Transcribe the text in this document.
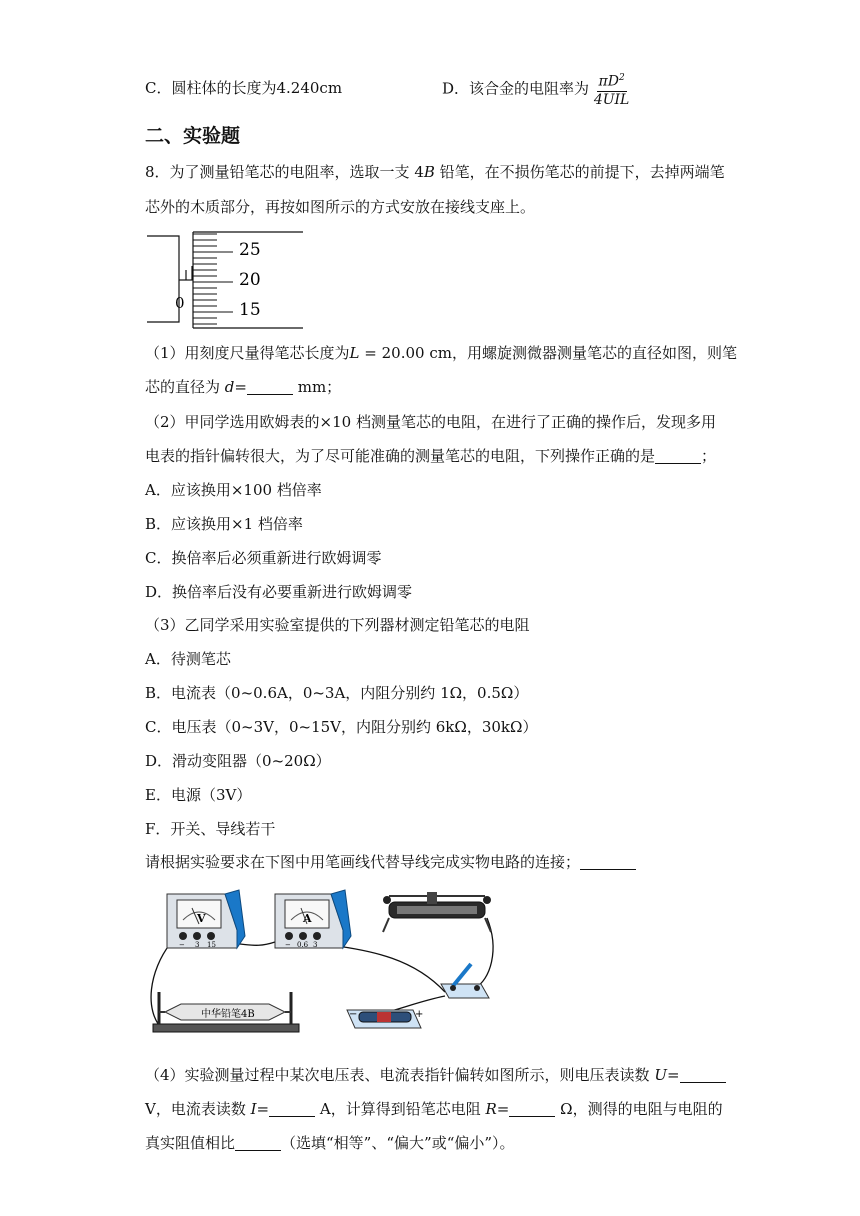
C．圆柱体的长度为4.240cm	D．该合金的电阻率为 $\frac{\pi D^2}{\text{4UIL}}$
二、实验题
8．为了测量铅笔芯的电阻率，选取一支 4B 铅笔，在不损伤笔芯的前提下，去掉两端笔
芯外的木质部分，再按如图所示的方式安放在接线支座上。
0
25
20
15
（1）用刻度尺量得笔芯长度为L = 20.00 cm，用螺旋测微器测量笔芯的直径如图，则笔
芯的直径为 d=	mm；
（2）甲同学选用欧姆表的×10 档测量笔芯的电阻，在进行了正确的操作后，发现多用
电表的指针偏转很大，为了尽可能准确的测量笔芯的电阻，下列操作正确的是	；
A．应该换用×100 档倍率
B．应该换用×1 档倍率
C．换倍率后必须重新进行欧姆调零
D．换倍率后没有必要重新进行欧姆调零
（3）乙同学采用实验室提供的下列器材测定铅笔芯的电阻
A．待测笔芯
B．电流表（0~0.6A，0~3A，内阻分别约 1Ω，0.5Ω）
C．电压表（0~3V，0~15V，内阻分别约 6kΩ，30kΩ）
D．滑动变阻器（0~20Ω）
E．电源（3V）
F．开关、导线若干
请根据实验要求在下图中用笔画线代替导线完成实物电路的连接；
V
− 3 15
A
− 0.6 3
−	+
中华铅笔4B
（4）实验测量过程中某次电压表、电流表指针偏转如图所示，则电压表读数 U=
V，电流表读数 I=	A，计算得到铅笔芯电阻 R=	Ω，测得的电阻与电阻的
真实阻值相比	（选填“相等”、“偏大”或“偏小”）。
